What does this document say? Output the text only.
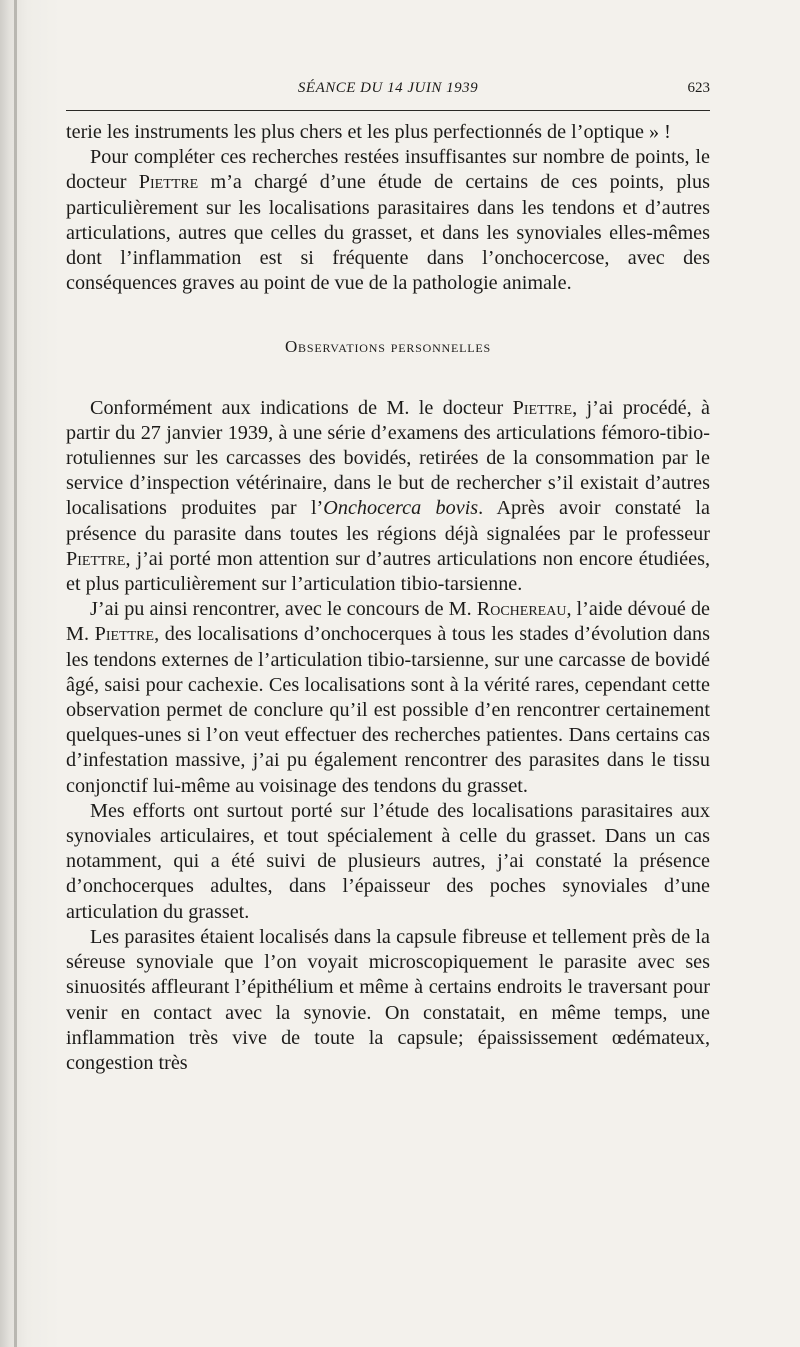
SÉANCE DU 14 JUIN 1939	623

terie les instruments les plus chers et les plus perfectionnés de l’optique » !

Pour compléter ces recherches restées insuffisantes sur nombre de points, le docteur Piettre m’a chargé d’une étude de certains de ces points, plus particulièrement sur les localisations parasitaires dans les tendons et d’autres articulations, autres que celles du grasset, et dans les synoviales elles-mêmes dont l’inflammation est si fréquente dans l’onchocercose, avec des conséquences graves au point de vue de la pathologie animale.

Observations personnelles

Conformément aux indications de M. le docteur Piettre, j’ai procédé, à partir du 27 janvier 1939, à une série d’examens des articulations fémoro-tibio-rotuliennes sur les carcasses des bovidés, retirées de la consommation par le service d’inspection vétérinaire, dans le but de rechercher s’il existait d’autres localisations produites par l’Onchocerca bovis. Après avoir constaté la présence du parasite dans toutes les régions déjà signalées par le professeur Piettre, j’ai porté mon attention sur d’autres articulations non encore étudiées, et plus particulièrement sur l’articulation tibio-tarsienne.

J’ai pu ainsi rencontrer, avec le concours de M. Rochereau, l’aide dévoué de M. Piettre, des localisations d’onchocerques à tous les stades d’évolution dans les tendons externes de l’articulation tibio-tarsienne, sur une carcasse de bovidé âgé, saisi pour cachexie. Ces localisations sont à la vérité rares, cependant cette observation permet de conclure qu’il est possible d’en rencontrer certainement quelques-unes si l’on veut effectuer des recherches patientes. Dans certains cas d’infestation massive, j’ai pu également rencontrer des parasites dans le tissu conjonctif lui-même au voisinage des tendons du grasset.

Mes efforts ont surtout porté sur l’étude des localisations parasitaires aux synoviales articulaires, et tout spécialement à celle du grasset. Dans un cas notamment, qui a été suivi de plusieurs autres, j’ai constaté la présence d’onchocerques adultes, dans l’épaisseur des poches synoviales d’une articulation du grasset.

Les parasites étaient localisés dans la capsule fibreuse et tellement près de la séreuse synoviale que l’on voyait microscopiquement le parasite avec ses sinuosités affleurant l’épithélium et même à certains endroits le traversant pour venir en contact avec la synovie. On constatait, en même temps, une inflammation très vive de toute la capsule; épaississement œdémateux, congestion très
